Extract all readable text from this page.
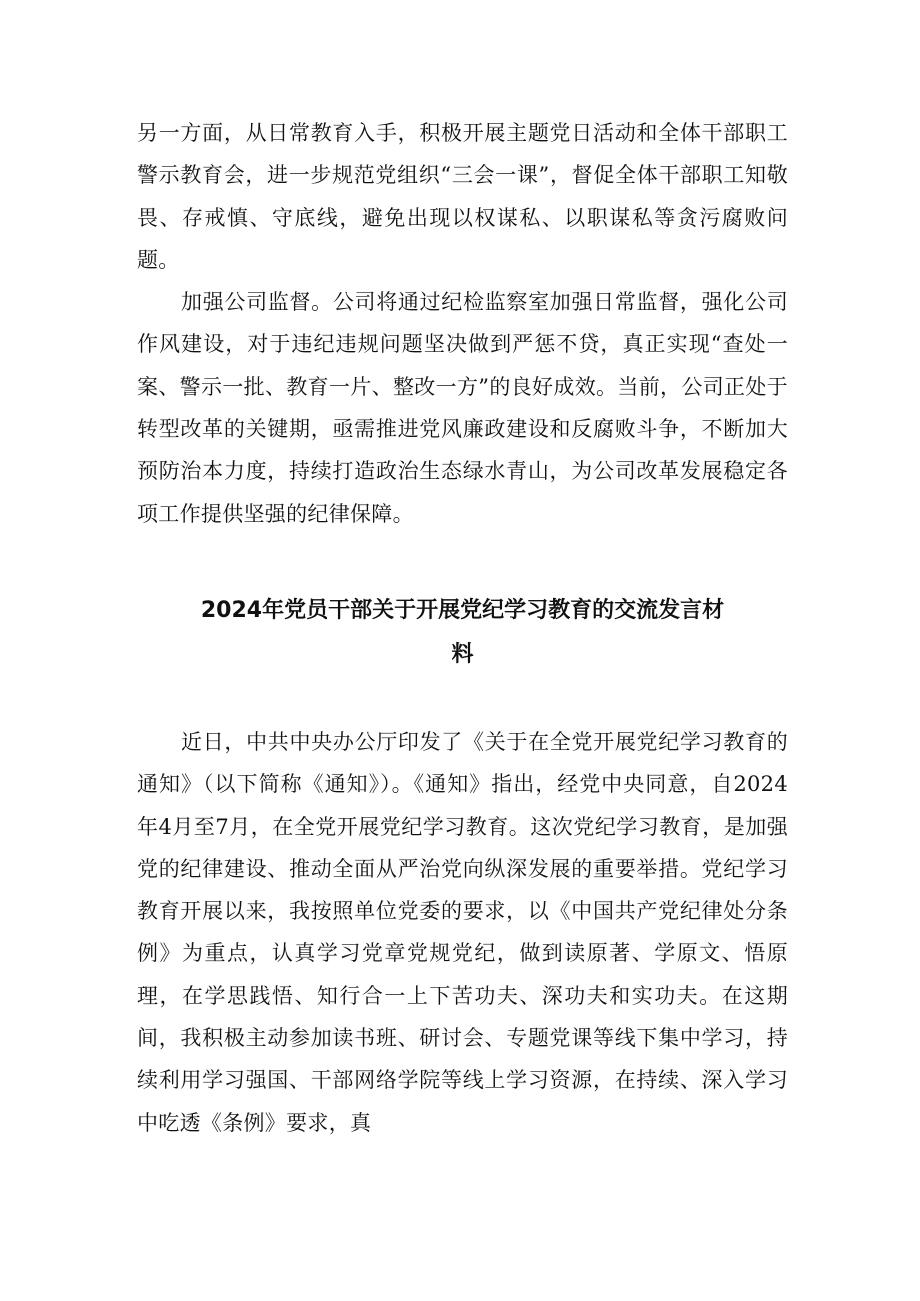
另一方面，从日常教育入手，积极开展主题党日活动和全体干部职工警示教育会，进一步规范党组织“三会一课”，督促全体干部职工知敬畏、存戒慎、守底线，避免出现以权谋私、以职谋私等贪污腐败问题。

加强公司监督。公司将通过纪检监察室加强日常监督，强化公司作风建设，对于违纪违规问题坚决做到严惩不贷，真正实现“查处一案、警示一批、教育一片、整改一方”的良好成效。当前，公司正处于转型改革的关键期，亟需推进党风廉政建设和反腐败斗争，不断加大预防治本力度，持续打造政治生态绿水青山，为公司改革发展稳定各项工作提供坚强的纪律保障。

2024年党员干部关于开展党纪学习教育的交流发言材
料

近日，中共中央办公厅印发了《关于在全党开展党纪学习教育的通知》（以下简称《通知》）。《通知》指出，经党中央同意，自2024年4月至7月，在全党开展党纪学习教育。这次党纪学习教育，是加强党的纪律建设、推动全面从严治党向纵深发展的重要举措。党纪学习教育开展以来，我按照单位党委的要求，以《中国共产党纪律处分条例》为重点，认真学习党章党规党纪，做到读原著、学原文、悟原理，在学思践悟、知行合一上下苦功夫、深功夫和实功夫。在这期间，我积极主动参加读书班、研讨会、专题党课等线下集中学习，持续利用学习强国、干部网络学院等线上学习资源，在持续、深入学习中吃透《条例》要求，真
